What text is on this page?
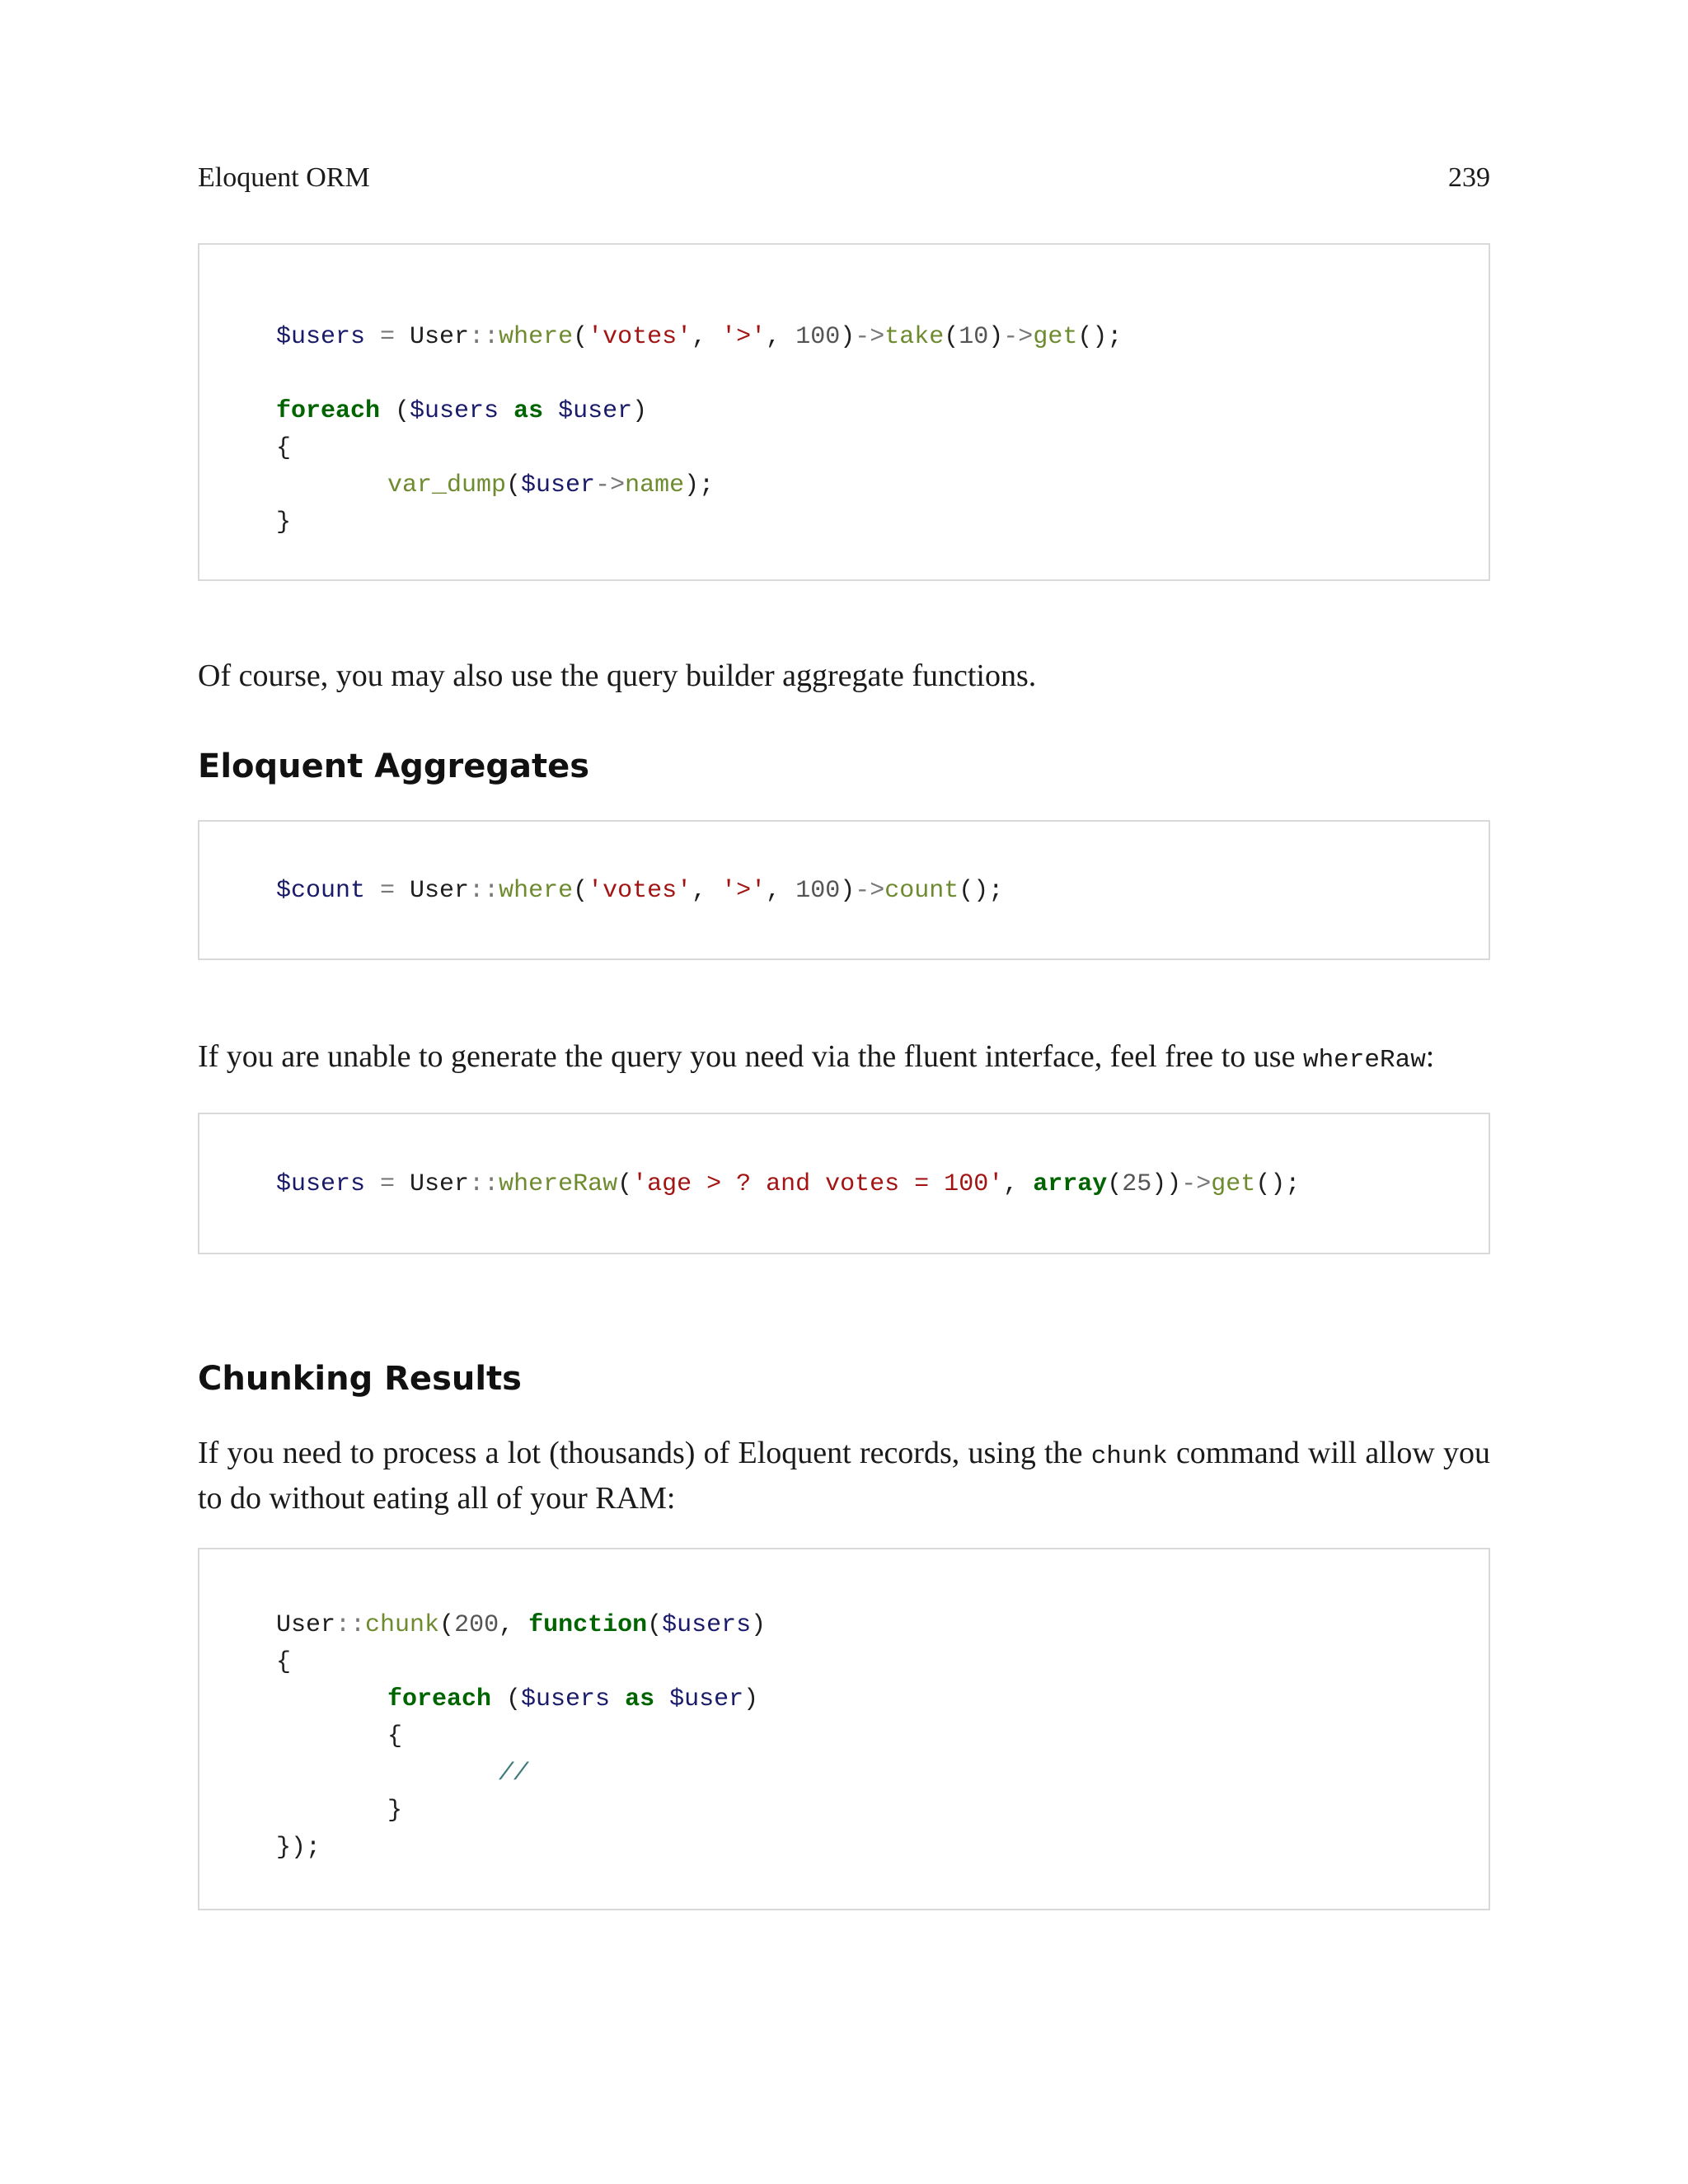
Eloquent ORM	239
$users = User::where('votes', '>', 100)->take(10)->get();
foreach ($users as $user)
{
var_dump($user->name);
}
Of course, you may also use the query builder aggregate functions.
Eloquent Aggregates
$count = User::where('votes', '>', 100)->count();
If you are unable to generate the query you need via the fluent interface, feel free to use whereRaw:
$users = User::whereRaw('age > ? and votes = 100', array(25))->get();
Chunking Results
If you need to process a lot (thousands) of Eloquent records, using the chunk command will allow you to do without eating all of your RAM:
User::chunk(200, function($users)
{
foreach ($users as $user)
{
//
}
});
